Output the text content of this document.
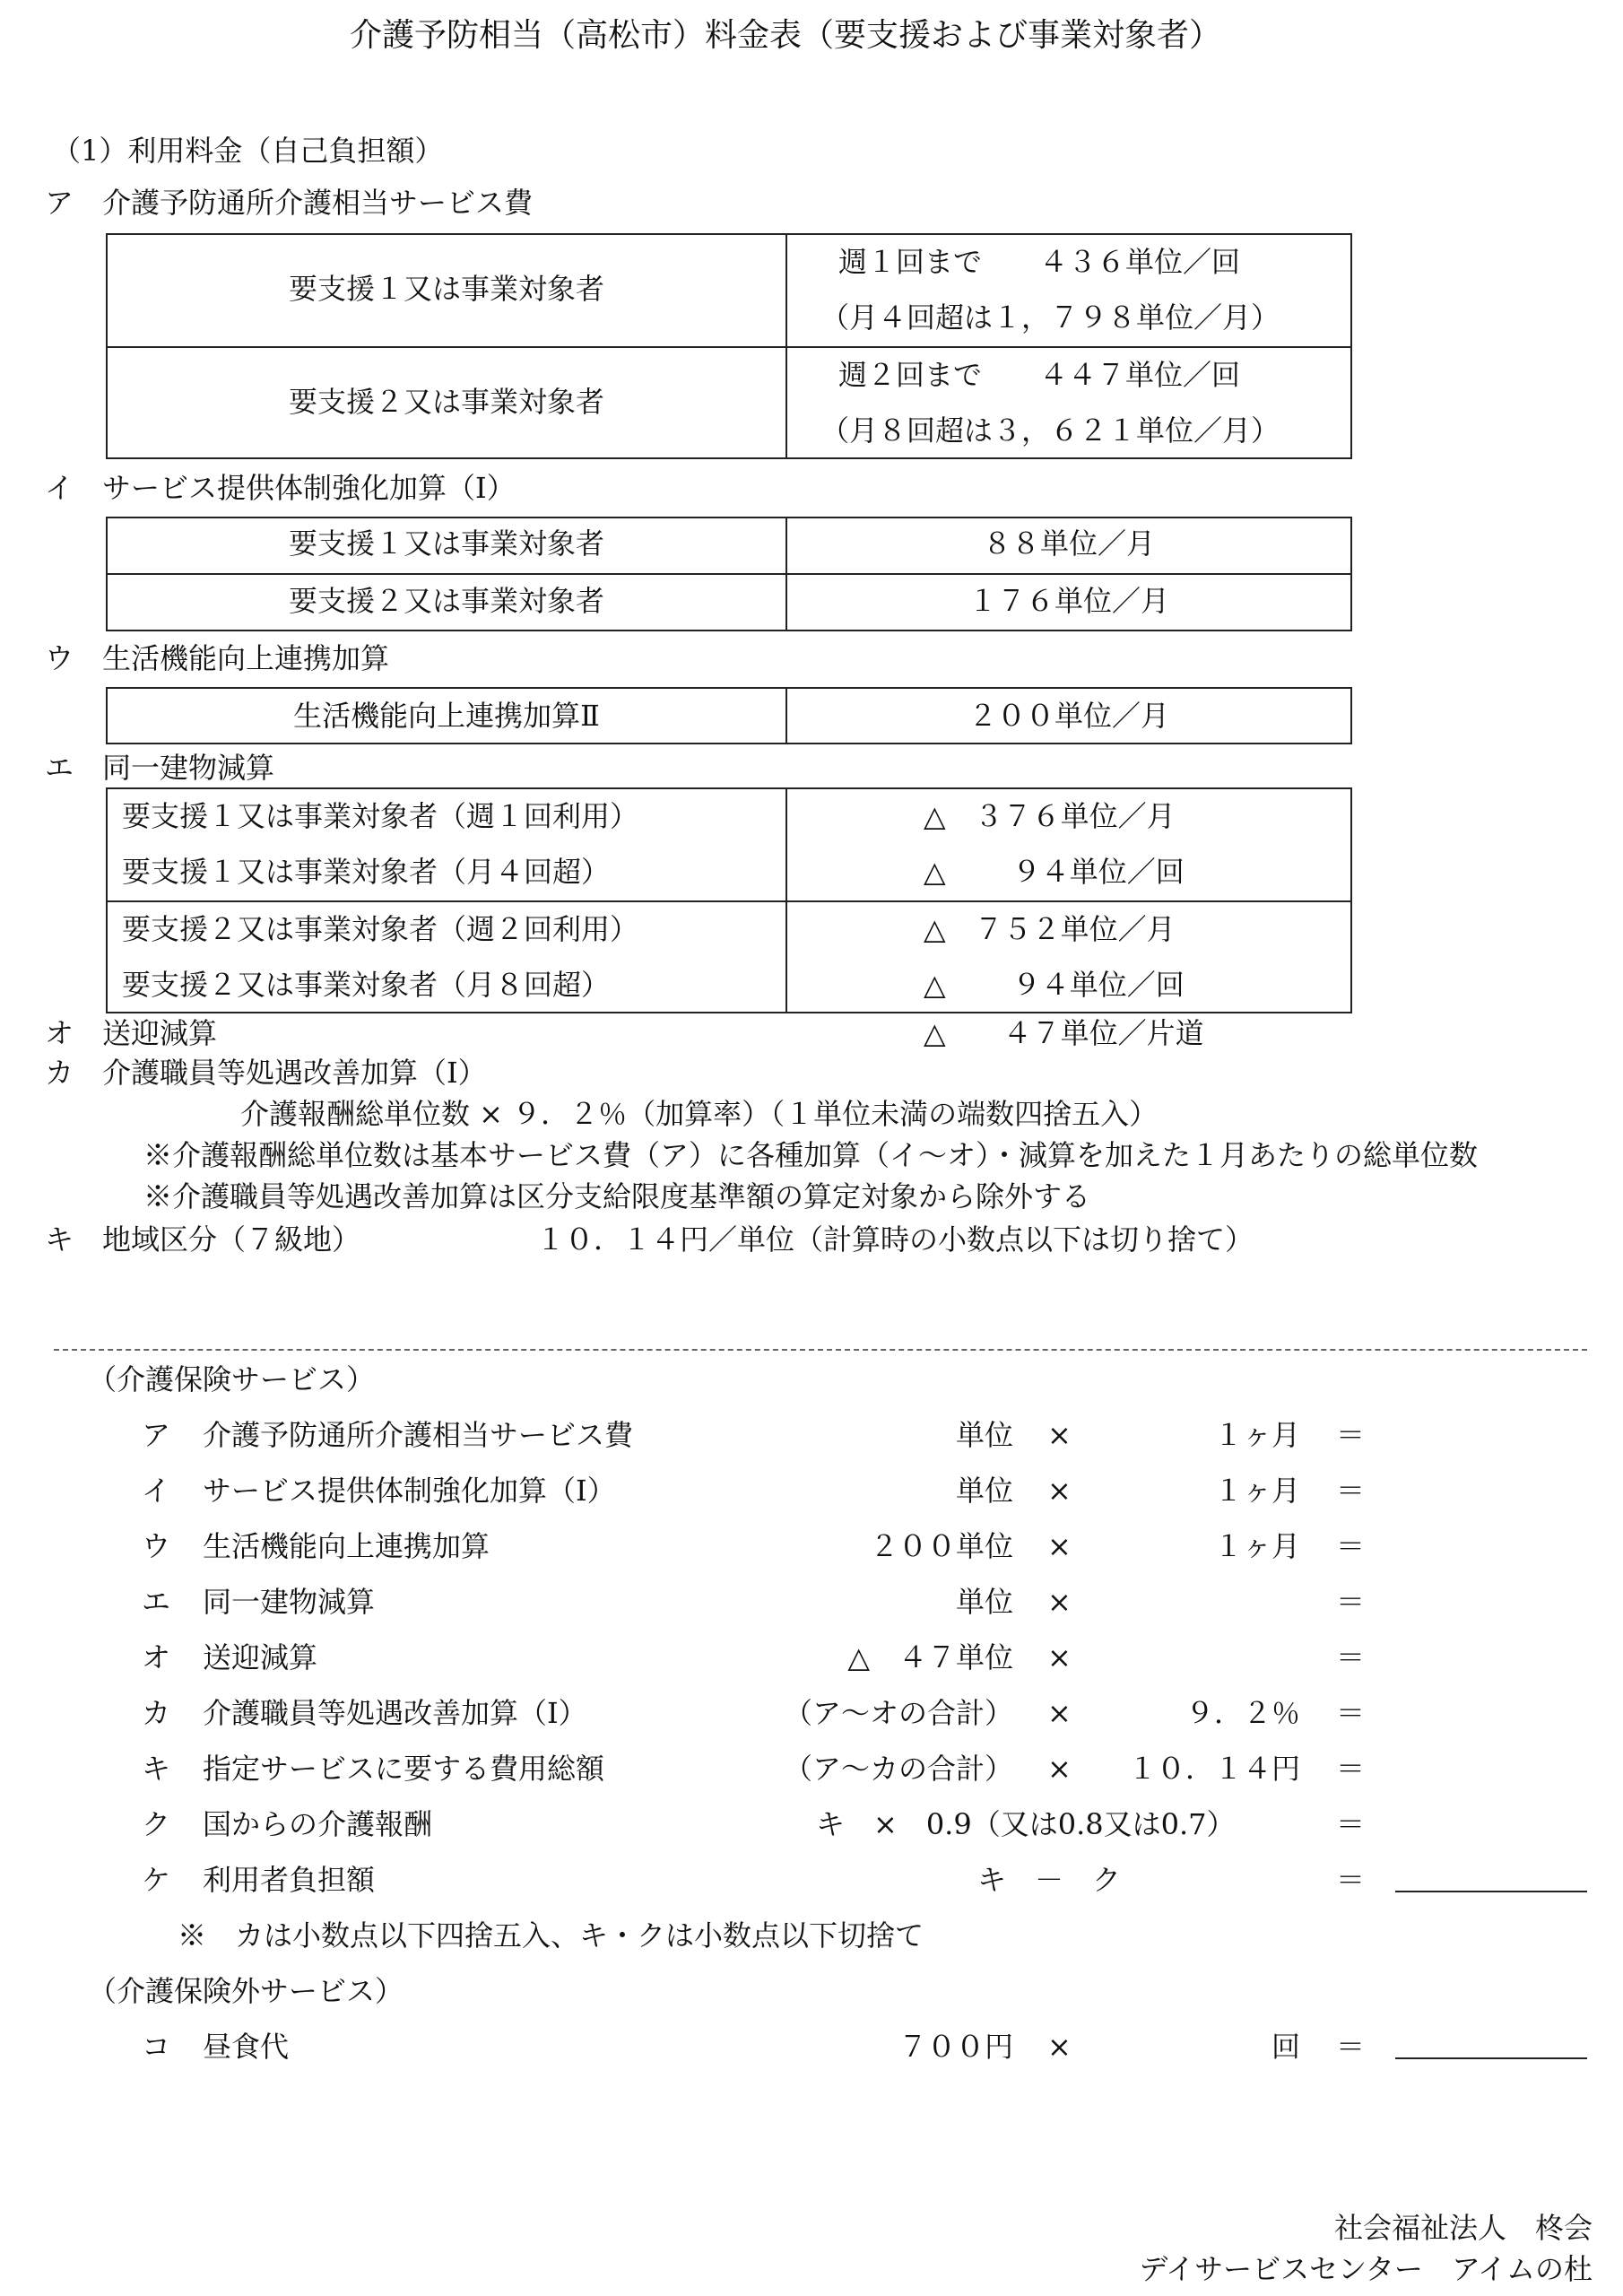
介護予防相当（高松市）料金表（要支援および事業対象者）
（1）利用料金（自己負担額）
ア　介護予防通所介護相当サービス費
要支援１又は事業対象者
週１回まで　　４３６単位／回
（月４回超は１，７９８単位／月）
要支援２又は事業対象者
週２回まで　　４４７単位／回
（月８回超は３，６２１単位／月）
イ　サービス提供体制強化加算（Ⅰ）
要支援１又は事業対象者	８８単位／月
要支援２又は事業対象者	１７６単位／月
ウ　生活機能向上連携加算
生活機能向上連携加算Ⅱ	２００単位／月
エ　同一建物減算
要支援１又は事業対象者（週１回利用）	△　３７６単位／月
要支援１又は事業対象者（月４回超）	△　　 ９４単位／回
要支援２又は事業対象者（週２回利用）	△　７５２単位／月
要支援２又は事業対象者（月８回超）	△　　 ９４単位／回
オ　送迎減算	△　　４７単位／片道
カ　介護職員等処遇改善加算（Ⅰ）
介護報酬総単位数 × ９．２％（加算率）（１単位未満の端数四捨五入）
※介護報酬総単位数は基本サービス費（ア）に各種加算（イ～オ）・減算を加えた１月あたりの総単位数
※介護職員等処遇改善加算は区分支給限度基準額の算定対象から除外する
キ　地域区分（７級地）	１０．１４円／単位（計算時の小数点以下は切り捨て）
（介護保険サービス）
ア 介護予防通所介護相当サービス費	単位 ×	１ヶ月 ＝
イ サービス提供体制強化加算（Ⅰ）	単位 ×	１ヶ月 ＝
ウ 生活機能向上連携加算	２００単位 ×	１ヶ月 ＝
エ 同一建物減算	単位 ×	＝
オ 送迎減算	△　４７単位 ×	＝
カ 介護職員等処遇改善加算（Ⅰ）	（ア～オの合計） ×	９．２％ ＝
キ 指定サービスに要する費用総額	（ア～カの合計） ×	１０．１４円 ＝
ク 国からの介護報酬	キ　×　0.9（又は0.8又は0.7）	＝
ケ 利用者負担額	キ　－　ク	＝
※　カは小数点以下四捨五入、キ・クは小数点以下切捨て
（介護保険外サービス）
コ 昼食代	７００円 ×	回 ＝
社会福祉法人　柊会
デイサービスセンター　アイムの杜
